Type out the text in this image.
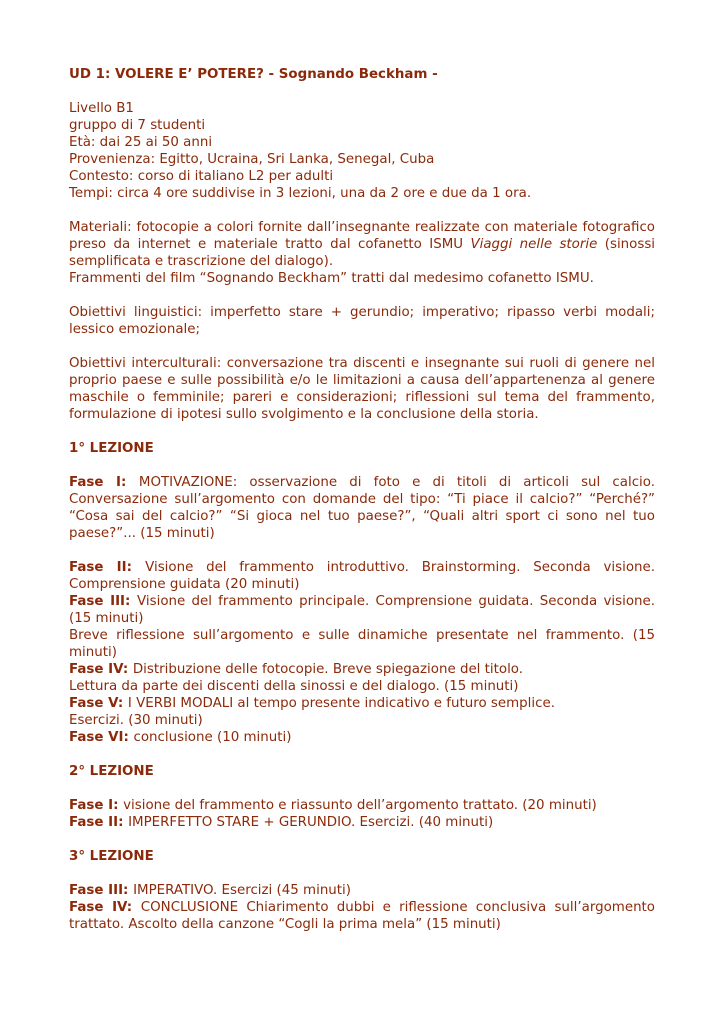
UD 1: VOLERE E’ POTERE? - Sognando Beckham -

Livello B1

gruppo di 7 studenti

Età: dai 25 ai 50 anni

Provenienza: Egitto, Ucraina, Sri Lanka, Senegal, Cuba

Contesto: corso di italiano L2 per adulti

Tempi: circa 4 ore suddivise in 3 lezioni, una da 2 ore e due da 1 ora.

Materiali: fotocopie a colori fornite dall’insegnante realizzate con materiale fotografico preso da internet e materiale tratto dal cofanetto ISMU Viaggi nelle storie (sinossi semplificata e trascrizione del dialogo).

Frammenti del film “Sognando Beckham” tratti dal medesimo cofanetto ISMU.

Obiettivi linguistici: imperfetto stare + gerundio; imperativo; ripasso verbi modali; lessico emozionale;

Obiettivi interculturali: conversazione tra discenti e insegnante sui ruoli di genere nel proprio paese e sulle possibilità e/o le limitazioni a causa dell’appartenenza al genere maschile o femminile; pareri e considerazioni; riflessioni sul tema del frammento, formulazione di ipotesi sullo svolgimento e la conclusione della storia.

1° LEZIONE

Fase I: MOTIVAZIONE: osservazione di foto e di titoli di articoli sul calcio. Conversazione sull’argomento con domande del tipo: “Ti piace il calcio?” “Perché?” “Cosa sai del calcio?” “Si gioca nel tuo paese?”, “Quali altri sport ci sono nel tuo paese?”... (15 minuti)

Fase II: Visione del frammento introduttivo. Brainstorming. Seconda visione. Comprensione guidata (20 minuti)

Fase III: Visione del frammento principale. Comprensione guidata. Seconda visione. (15 minuti)

Breve riflessione sull’argomento e sulle dinamiche presentate nel frammento. (15 minuti)

Fase IV: Distribuzione delle fotocopie. Breve spiegazione del titolo.

Lettura da parte dei discenti della sinossi e del dialogo. (15 minuti)

Fase V: I VERBI MODALI al tempo presente indicativo e futuro semplice.

Esercizi. (30 minuti)

Fase VI: conclusione (10 minuti)

2° LEZIONE

Fase I: visione del frammento e riassunto dell’argomento trattato. (20 minuti)

Fase II: IMPERFETTO STARE + GERUNDIO. Esercizi. (40 minuti)

3° LEZIONE

Fase III: IMPERATIVO. Esercizi (45 minuti)

Fase IV: CONCLUSIONE Chiarimento dubbi e riflessione conclusiva sull’argomento trattato. Ascolto della canzone “Cogli la prima mela” (15 minuti)
